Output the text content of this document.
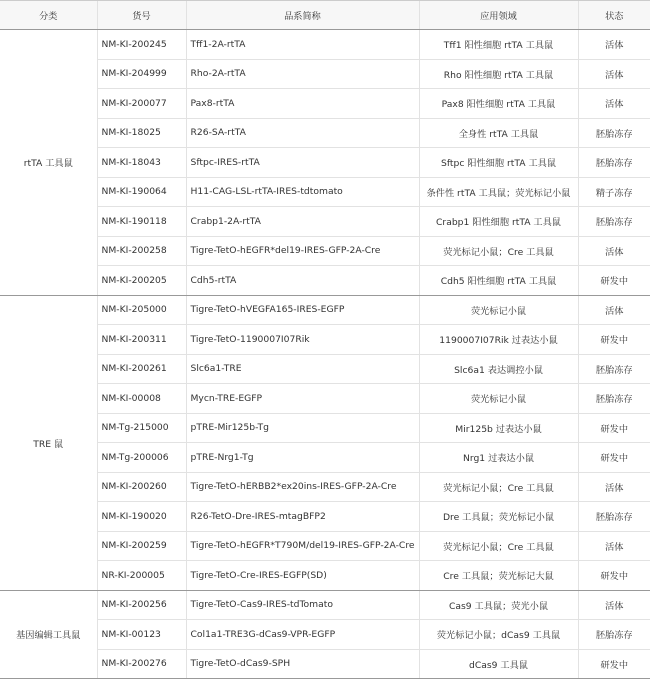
分类	货号	品系简称	应用领域	状态
rtTA 工具鼠	NM-KI-200245	Tff1-2A-rtTA	Tff1 阳性细胞 rtTA 工具鼠	活体
	NM-KI-204999	Rho-2A-rtTA	Rho 阳性细胞 rtTA 工具鼠	活体
	NM-KI-200077	Pax8-rtTA	Pax8 阳性细胞 rtTA 工具鼠	活体
	NM-KI-18025	R26-SA-rtTA	全身性 rtTA 工具鼠	胚胎冻存
	NM-KI-18043	Sftpc-IRES-rtTA	Sftpc 阳性细胞 rtTA 工具鼠	胚胎冻存
	NM-KI-190064	H11-CAG-LSL-rtTA-IRES-tdtomato	条件性 rtTA 工具鼠；荧光标记小鼠	精子冻存
	NM-KI-190118	Crabp1-2A-rtTA	Crabp1 阳性细胞 rtTA 工具鼠	胚胎冻存
	NM-KI-200258	Tigre-TetO-hEGFR*del19-IRES-GFP-2A-Cre	荧光标记小鼠；Cre 工具鼠	活体
	NM-KI-200205	Cdh5-rtTA	Cdh5 阳性细胞 rtTA 工具鼠	研发中
TRE 鼠	NM-KI-205000	Tigre-TetO-hVEGFA165-IRES-EGFP	荧光标记小鼠	活体
	NM-KI-200311	Tigre-TetO-1190007I07Rik	1190007I07Rik 过表达小鼠	研发中
	NM-KI-200261	Slc6a1-TRE	Slc6a1 表达调控小鼠	胚胎冻存
	NM-KI-00008	Mycn-TRE-EGFP	荧光标记小鼠	胚胎冻存
	NM-Tg-215000	pTRE-Mir125b-Tg	Mir125b 过表达小鼠	研发中
	NM-Tg-200006	pTRE-Nrg1-Tg	Nrg1 过表达小鼠	研发中
	NM-KI-200260	Tigre-TetO-hERBB2*ex20ins-IRES-GFP-2A-Cre	荧光标记小鼠；Cre 工具鼠	活体
	NM-KI-190020	R26-TetO-Dre-IRES-mtagBFP2	Dre 工具鼠；荧光标记小鼠	胚胎冻存
	NM-KI-200259	Tigre-TetO-hEGFR*T790M/del19-IRES-GFP-2A-Cre	荧光标记小鼠；Cre 工具鼠	活体
	NR-KI-200005	Tigre-TetO-Cre-IRES-EGFP(SD)	Cre 工具鼠；荧光标记大鼠	研发中
基因编辑工具鼠	NM-KI-200256	Tigre-TetO-Cas9-IRES-tdTomato	Cas9 工具鼠；荧光小鼠	活体
	NM-KI-00123	Col1a1-TRE3G-dCas9-VPR-EGFP	荧光标记小鼠；dCas9 工具鼠	胚胎冻存
	NM-KI-200276	Tigre-TetO-dCas9-SPH	dCas9 工具鼠	研发中
